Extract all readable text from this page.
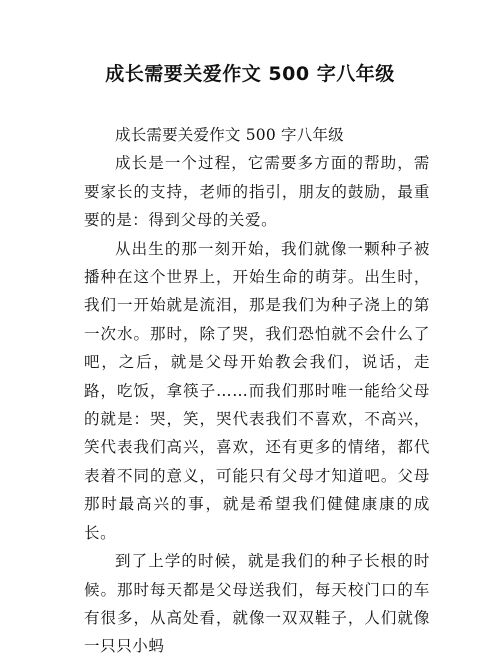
成长需要关爱作文 500 字八年级

成长需要关爱作文 500 字八年级

成长是一个过程，它需要多方面的帮助，需要家长的支持，老师的指引，朋友的鼓励，最重要的是：得到父母的关爱。

从出生的那一刻开始，我们就像一颗种子被播种在这个世界上，开始生命的萌芽。出生时，我们一开始就是流泪，那是我们为种子浇上的第一次水。那时，除了哭，我们恐怕就不会什么了吧，之后，就是父母开始教会我们，说话，走路，吃饭，拿筷子……而我们那时唯一能给父母的就是：哭，笑，哭代表我们不喜欢，不高兴，笑代表我们高兴，喜欢，还有更多的情绪，都代表着不同的意义，可能只有父母才知道吧。父母那时最高兴的事，就是希望我们健健康康的成长。

到了上学的时候，就是我们的种子长根的时候。那时每天都是父母送我们，每天校门口的车有很多，从高处看，就像一双双鞋子，人们就像一只只小蚂
